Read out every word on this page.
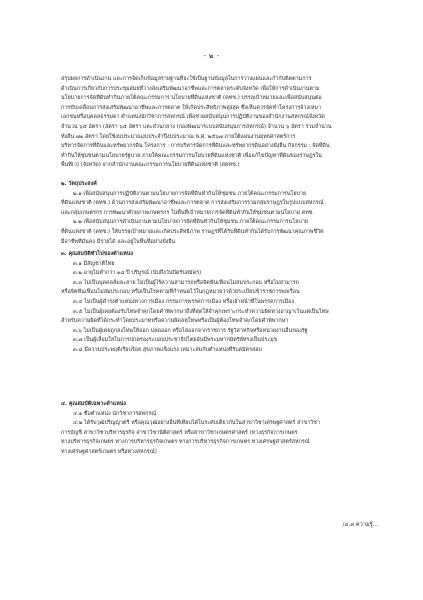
- ๒ -
สรุปผลการดำเนินงาน และการจัดเก็บข้อมูลรายฐานที่จะใช้เป็นฐานข้อมูลในการวางแผนและกำกับติดตามการ
ดำเนินการเกี่ยวกับการประชุมสมยที่วางส่งเสริมพัฒนาอาชีพและการตลาดระดับจังหวัด เพื่อให้การดำเนินงานตาม
นโยบายการจัดที่ดินทำกินภายใต้คณะกรรมการ นโยบายที่ดินแห่งชาติ (คทช.) บรรลุเป้าหมายและเพื่อสนับสนุนต่อ
การขับเคลื่อนการส่งเสริมพัฒนาอาชีพและการตลาด ให้เกิดประสิทธิภาพสูงสุด ซึ่งเห็นควรจัดทำโครงการจ้างเหมา
เอกชนหรือบุคคลธรรมดา ตำแหน่งนักวิชาการสหกรณ์ เพื่อช่วยสนับสนุนการปฏิบัติงานของสำนักงานสหกรณ์จังหวัด
จำนวน ๖๕ อัตรา (อัตรา ๖๕ อัตรา และส่วนกลาง (กองพัฒนาระบบสนับสนุนการสหกรณ์) จำนวน ๖ อัตรา รวมจำนวน
ทั้งสิ้น ๗๑ อัตรา โดยใช้งบประมาณงบประจำปีงบประมาณ พ.ศ. ๒๕๖๗ ภายใต้แผนงานยุทธศาสตร์การ
บริหารจัดการที่ดินและทรัพยากรดิน โครงการ : การบริหารจัดการที่ดินและทรัพยากรดินอย่างยั่งยืน กิจกรรม : จัดที่ดิน
ทำกินให้ชุมชนตามนโยบายรัฐบาล ภายใต้คณะกรรมการนโยบายที่ดินแห่งชาติ เพื่อแก้ไขปัญหาที่ดินของราษฎรใน
พื้นที่(ว) (จังหวัด) จากสำนักงานคณะกรรมการนโยบายที่ดินแห่งชาติ (สคทช.)
๒. วัตถุประสงค์
๒.๑ เพื่อสนับสนุนการปฏิบัติงานตามนโยบายการจัดที่ดินทำกินให้ชุมชน ภายใต้คณะกรรมการนโยบาย
ที่ดินแห่งชาติ (คทช.) ด้านการส่งเสริมพัฒนาอาชีพและการตลาด การส่งเสริมการรวมกลุ่มราษฎรในรูปแบบสหกรณ์
และกลุ่มเกษตรกร การพัฒนาศักยภาพเกษตรกร ในพื้นที่เป้าหมายการจัดที่ดินทำกินให้ชุมชนตามนโยบาย คทช.
๒.๒ เพื่อสนับสนุนการดำเนินงานตามนโยบายการจัดที่ดินทำกินให้ชุมชน ภายใต้คณะกรรมการนโยบาย
ที่ดินแห่งชาติ (คทช.) ให้บรรลุเป้าหมายและเกิดประสิทธิภาพ ราษฎรที่ได้รับที่ดินทำกินได้รับการพัฒนาคุณภาพชีวิต
มีอาชีพที่มั่นคง มีรายได้ และอยู่ในพื้นที่อย่างยั่งยืน
๓. คุณสมบัติทั่วไปของตำแหน่ง
๓.๑ มีสัญชาติไทย
๓.๒ อายุไม่ต่ำกว่า ๑๘ ปี บริบูรณ์ (นับถึงวันปิดรับสมัคร)
๓.๓ ไม่เป็นบุคคลล้มละลาย ไม่เป็นผู้ไร้ความสามารถหรือจิตฟั่นเฟือนไม่สมประกอบ หรือไม่สามารถ
หรือจิตฟั่นเฟือนไม่สมประกอบ หรือเป็นโรคตามที่กำหนดไว้ในกฎหมายว่าด้วยระเบียบข้าราชการพลเรือน
๓.๔ ไม่เป็นผู้ดำรงตำแหน่งทางการเมือง กรรมการพรรคการเมือง หรือเจ้าหน้าที่ในพรรคการเมือง
๓.๕ ไม่เป็นผู้เคยต้องรับโทษจำคุกโดยคำพิพากษาถึงที่สุดให้จำคุกเพราะกระทำความผิดทางอาญาเว้นแต่เป็นโทษ
สำหรับความผิดที่ได้กระทำโดยประมาทหรือความผิดลหุโทษหรือเป็นผู้ต้องโทษจำคุกโดยคำพิพากษา
๓.๖ ไม่เป็นผู้เคยถูกลงโทษให้ออก ปลดออก หรือไล่ออกจากราชการ รัฐวิสาหกิจหรือหน่วยงานอื่นของรัฐ
๓.๗ เป็นผู้เลื่อมใสในการปกครองระบอบประชาธิปไตยอันมีพระมหากษัตริย์ทรงเป็นประมุข
๓.๘ มีความประพฤติเรียบร้อย สุขภาพแข็งแรง เหมาะสมกับตำแหน่งที่รับสมัครสอบ
๔. คุณสมบัติเฉพาะตำแหน่ง
๔.๑ ชื่อตำแหน่ง นักวิชาการสหกรณ์
๔.๒ ได้รับวุฒิปริญญาตรี หรือคุณวุฒิอย่างอื่นที่เทียบได้ในระดับเดียวกันในสาขาวิชาเศรษฐศาสตร์ สาขาวิชา
การบัญชี สาขาวิชาบริหารธุรกิจ สาขาวิชานิติศาสตร์ หรือสาขาวิชาเกษตรศาสตร์ (ทางธุรกิจการเกษตร
ทางบริหารธุรกิจเกษตร ทางการบริหารธุรกิจเกษตร ทางการบริหารธุรกิจการเกษตร ทางเศรษฐศาสตร์สหกรณ์
ทางเศรษฐศาสตร์เกษตร หรือทางสหกรณ์)
/๔.๓ ความรู้...
